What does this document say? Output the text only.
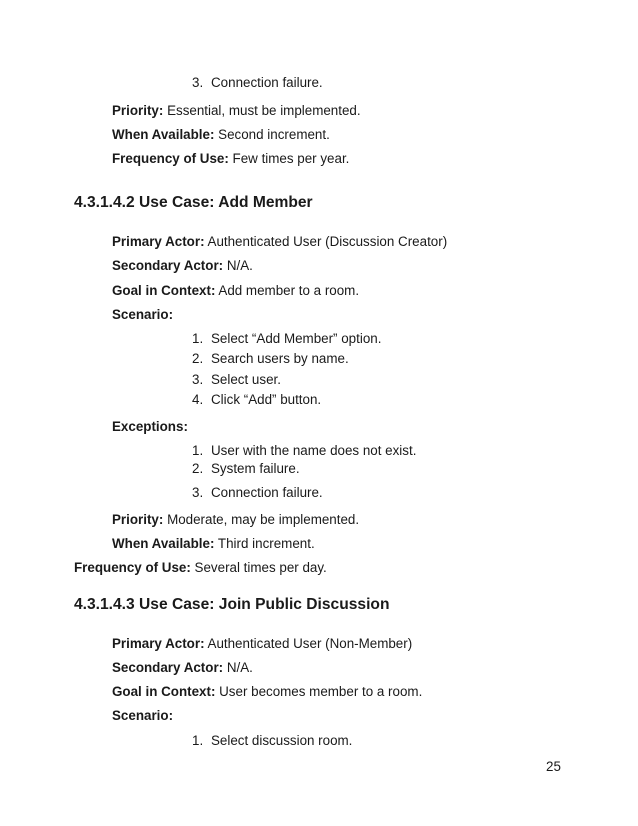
3. Connection failure.
Priority: Essential, must be implemented.
When Available: Second increment.
Frequency of Use: Few times per year.
4.3.1.4.2 Use Case: Add Member
Primary Actor: Authenticated User (Discussion Creator)
Secondary Actor: N/A.
Goal in Context: Add member to a room.
Scenario:
1. Select “Add Member” option.
2. Search users by name.
3. Select user.
4. Click “Add” button.
Exceptions:
1. User with the name does not exist.
2. System failure.
3. Connection failure.
Priority: Moderate, may be implemented.
When Available: Third increment.
Frequency of Use: Several times per day.
4.3.1.4.3 Use Case: Join Public Discussion
Primary Actor: Authenticated User (Non-Member)
Secondary Actor: N/A.
Goal in Context: User becomes member to a room.
Scenario:
1. Select discussion room.
25
